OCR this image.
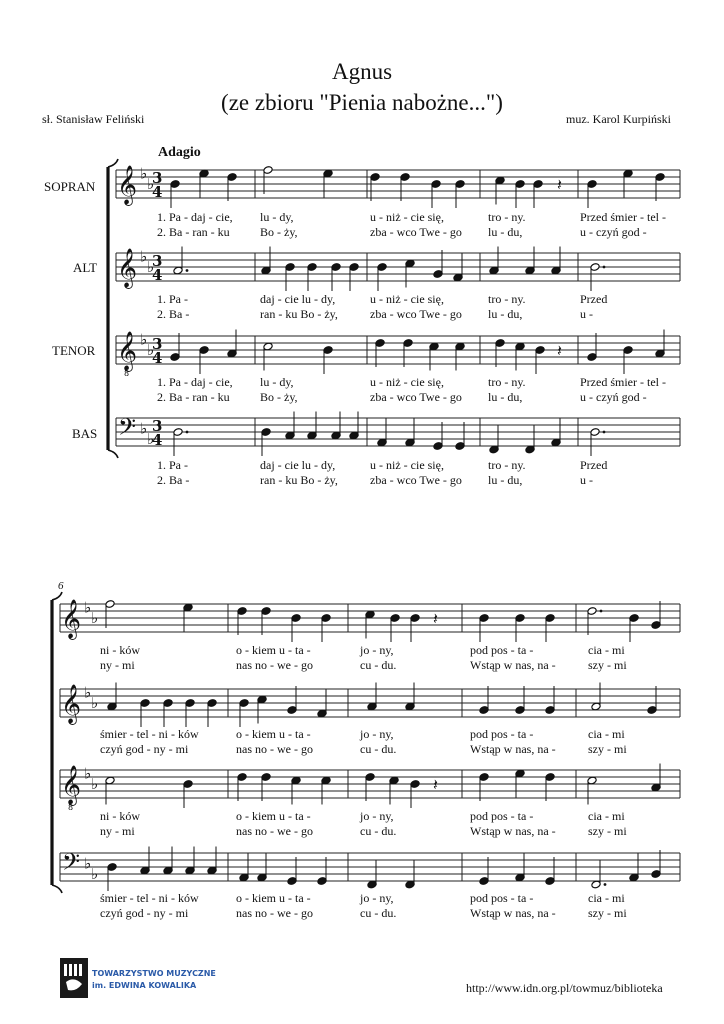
Agnus
(ze zbioru "Pienia nabożne...")
sł. Stanisław Feliński	muz. Karol Kurpiński
Adagio
SOPRAN
ALT
TENOR
BAS
6
𝄞 ♭
♭
3
4
𝄞 ♭
♭
3
4
𝄞
8
♭
♭
3
4
𝄢 ♭
♭
3
4
𝄽
𝄽
𝄞 ♭
♭
𝄞 ♭
♭
𝄞
8
♭
♭
𝄢 ♭
♭
𝄽
𝄽
1. Pa - daj - cie, lu - dy,	u - niż - cie się,	tro - ny.	Przed śmier - tel -
2. Ba - ran - ku	Bo - ży,	zba - wco Twe - go lu - du,	u - czyń god -
1. Pa -	daj - cie lu - dy,	u - niż - cie się,	tro - ny.	Przed
2. Ba -	ran - ku Bo - ży,	zba - wco Twe - go lu - du,	u -
1. Pa - daj - cie, lu - dy,	u - niż - cie się,	tro - ny.	Przed śmier - tel -
2. Ba - ran - ku	Bo - ży,	zba - wco Twe - go lu - du,	u - czyń god -
1. Pa -	daj - cie lu - dy,	u - niż - cie się,	tro - ny.	Przed
2. Ba -	ran - ku Bo - ży,	zba - wco Twe - go lu - du,	u -
ni - ków	o - kiem u - ta -	jo - ny,	pod pos - ta -	cia - mi
ny - mi	nas no - we - go	cu - du.	Wstąp w nas, na -	szy - mi
śmier - tel - ni - ków	o - kiem u - ta -	jo - ny,	pod pos - ta -	cia - mi
czyń god - ny - mi	nas no - we - go	cu - du.	Wstąp w nas, na -	szy - mi
ni - ków	o - kiem u - ta -	jo - ny,	pod pos - ta -	cia - mi
ny - mi	nas no - we - go	cu - du.	Wstąp w nas, na -	szy - mi
śmier - tel - ni - ków	o - kiem u - ta -	jo - ny,	pod pos - ta -	cia - mi
czyń god - ny - mi	nas no - we - go	cu - du.	Wstąp w nas, na -	szy - mi
TOWARZYSTWO MUZYCZNE
im. EDWINA KOWALIKA	http://www.idn.org.pl/towmuz/biblioteka
